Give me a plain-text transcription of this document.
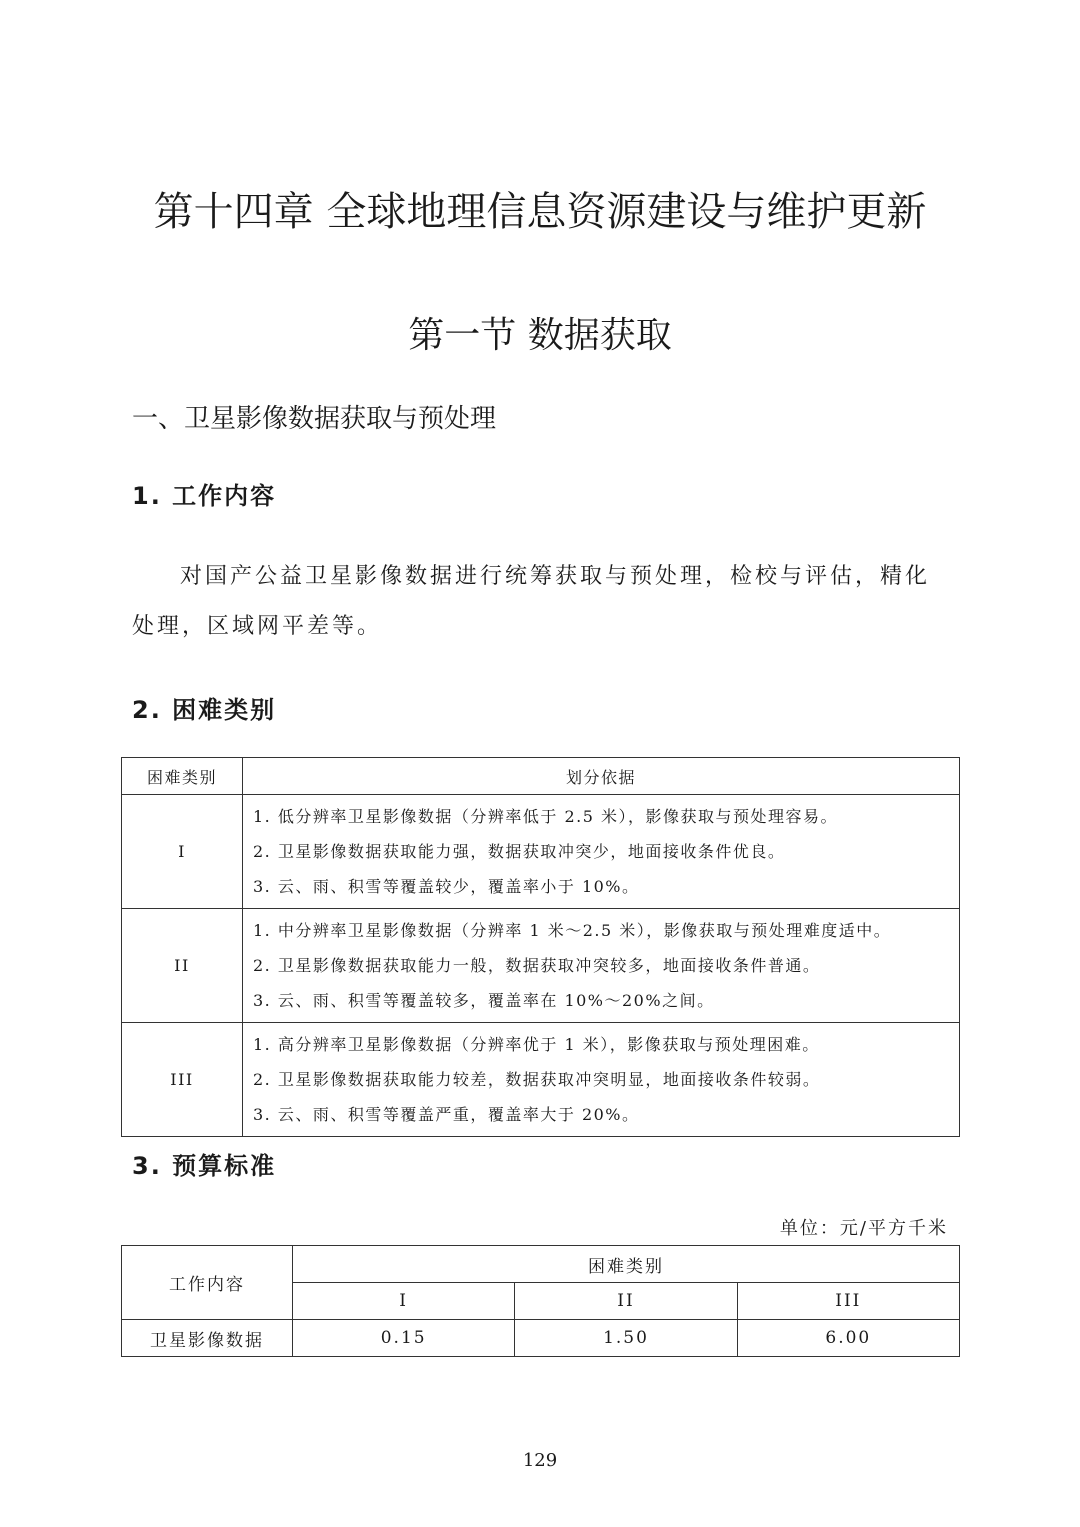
第十四章 全球地理信息资源建设与维护更新
第一节 数据获取
一、卫星影像数据获取与预处理
1. 工作内容

对国产公益卫星影像数据进行统筹获取与预处理，检校与评估，精化处理，区域网平差等。

2. 困难类别
困难类别	划分依据
I	1. 低分辨率卫星影像数据（分辨率低于 2.5 米），影像获取与预处理容易。
2. 卫星影像数据获取能力强，数据获取冲突少，地面接收条件优良。
3. 云、雨、积雪等覆盖较少，覆盖率小于 10%。

II	1. 中分辨率卫星影像数据（分辨率 1 米～2.5 米），影像获取与预处理难度适中。
2. 卫星影像数据获取能力一般，数据获取冲突较多，地面接收条件普通。
3. 云、雨、积雪等覆盖较多，覆盖率在 10%～20%之间。

III	1. 高分辨率卫星影像数据（分辨率优于 1 米），影像获取与预处理困难。
2. 卫星影像数据获取能力较差，数据获取冲突明显，地面接收条件较弱。
3. 云、雨、积雪等覆盖严重，覆盖率大于 20%。
3. 预算标准
单位：元/平方千米
工作内容	困难类别		
	I	II	III
卫星影像数据	0.15	1.50	6.00
129
